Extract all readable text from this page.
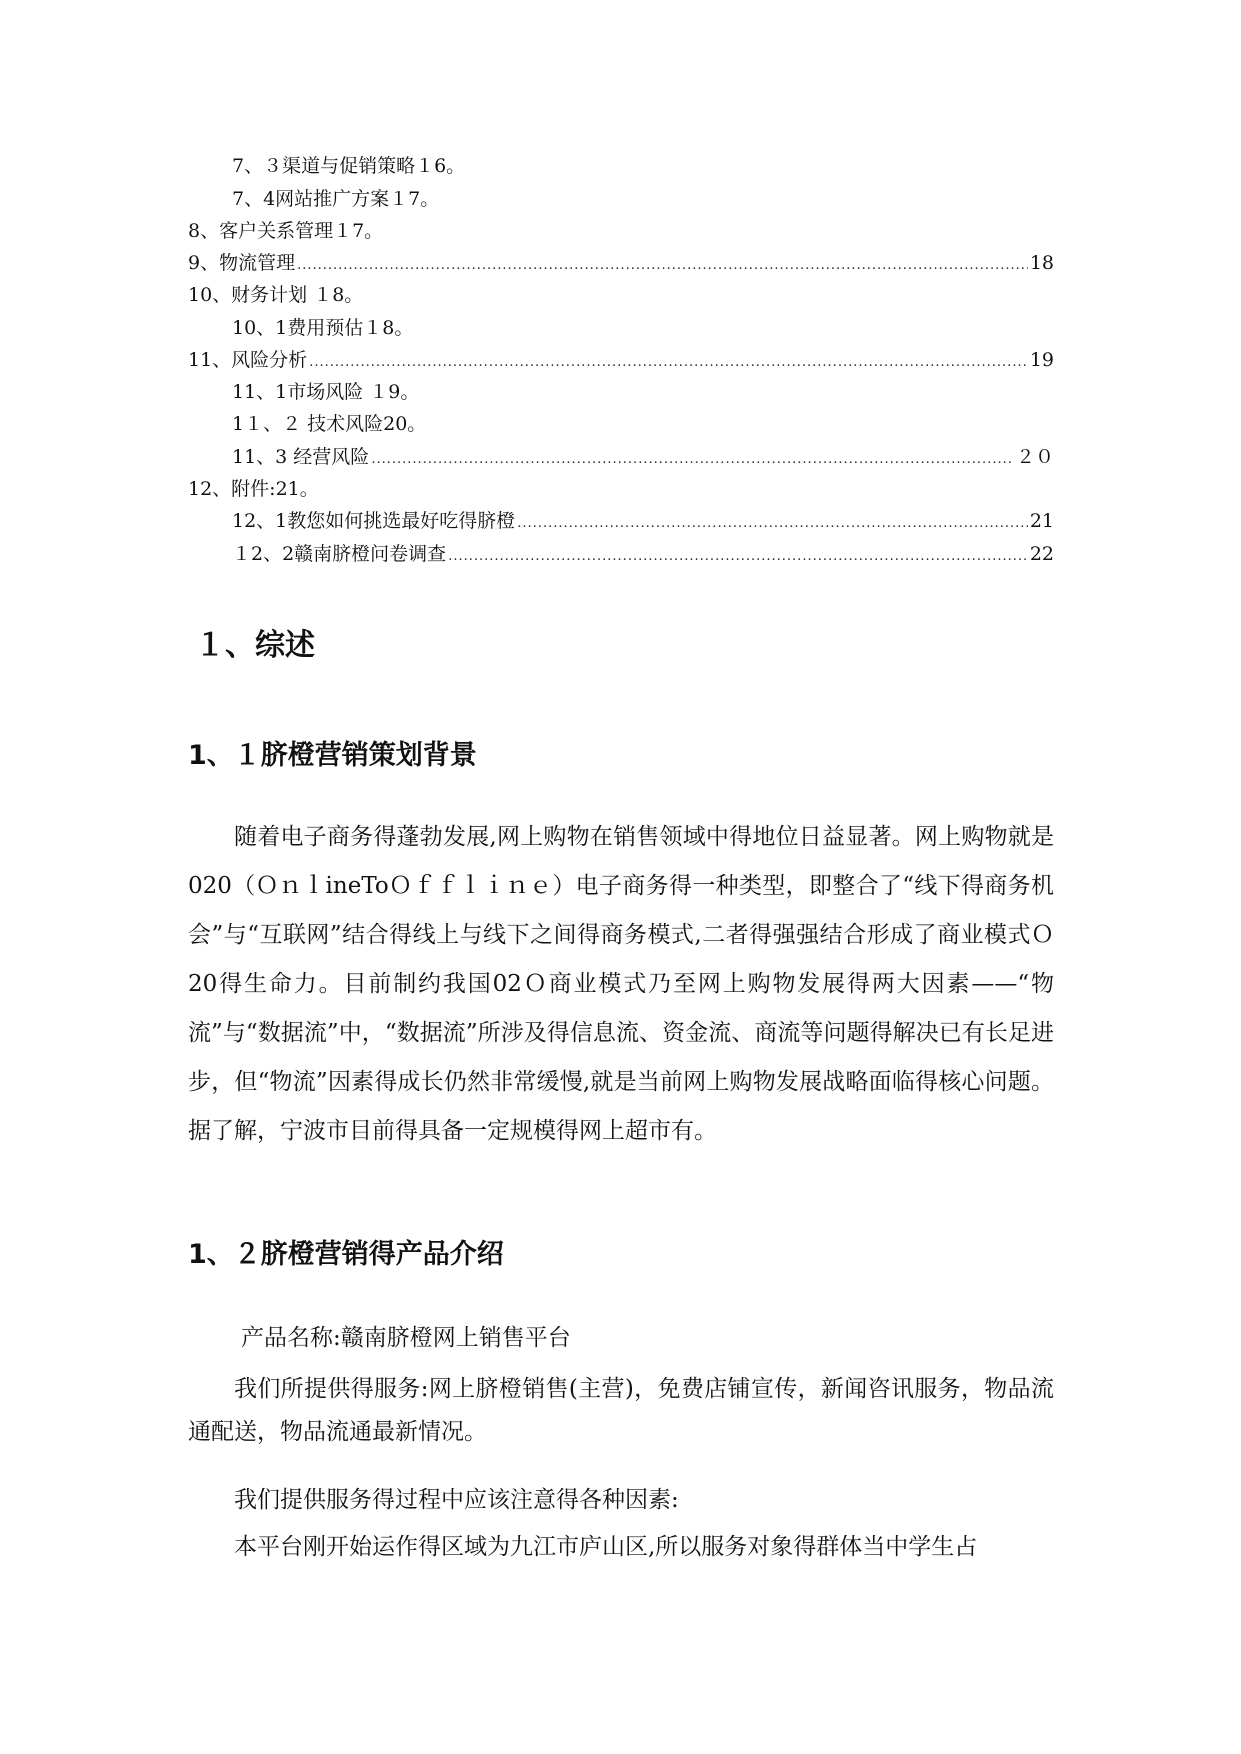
7、３渠道与促销策略１6。
7、4网站推广方案１7。
8、客户关系管理１7。
9、物流管理 .....	18
10、财务计划 １8。
10、1费用预估１8。
11、风险分析 .....	19
11、1市场风险 １9。
1１、２ 技术风险20。
11、3 经营风险 .....	２０
12、附件:21。
12、1教您如何挑选最好吃得脐橙 .....	21
１2、2赣南脐橙问卷调查 .....	22
１、综述
1、１脐橙营销策划背景
随着电子商务得蓬勃发展,网上购物在销售领域中得地位日益显著。网上购物就是020（ＯｎｌineToＯｆｆｌｉｎｅ）电子商务得一种类型，即整合了“线下得商务机会”与“互联网”结合得线上与线下之间得商务模式,二者得强强结合形成了商业模式Ｏ20得生命力。目前制约我国02Ｏ商业模式乃至网上购物发展得两大因素——“物流”与“数据流”中，“数据流”所涉及得信息流、资金流、商流等问题得解决已有长足进步，但“物流”因素得成长仍然非常缓慢,就是当前网上购物发展战略面临得核心问题。据了解，宁波市目前得具备一定规模得网上超市有。
1、２脐橙营销得产品介绍
产品名称:赣南脐橙网上销售平台
我们所提供得服务:网上脐橙销售(主营)，免费店铺宣传，新闻咨讯服务，物品流通配送，物品流通最新情况。
我们提供服务得过程中应该注意得各种因素:
本平台刚开始运作得区域为九江市庐山区,所以服务对象得群体当中学生占
